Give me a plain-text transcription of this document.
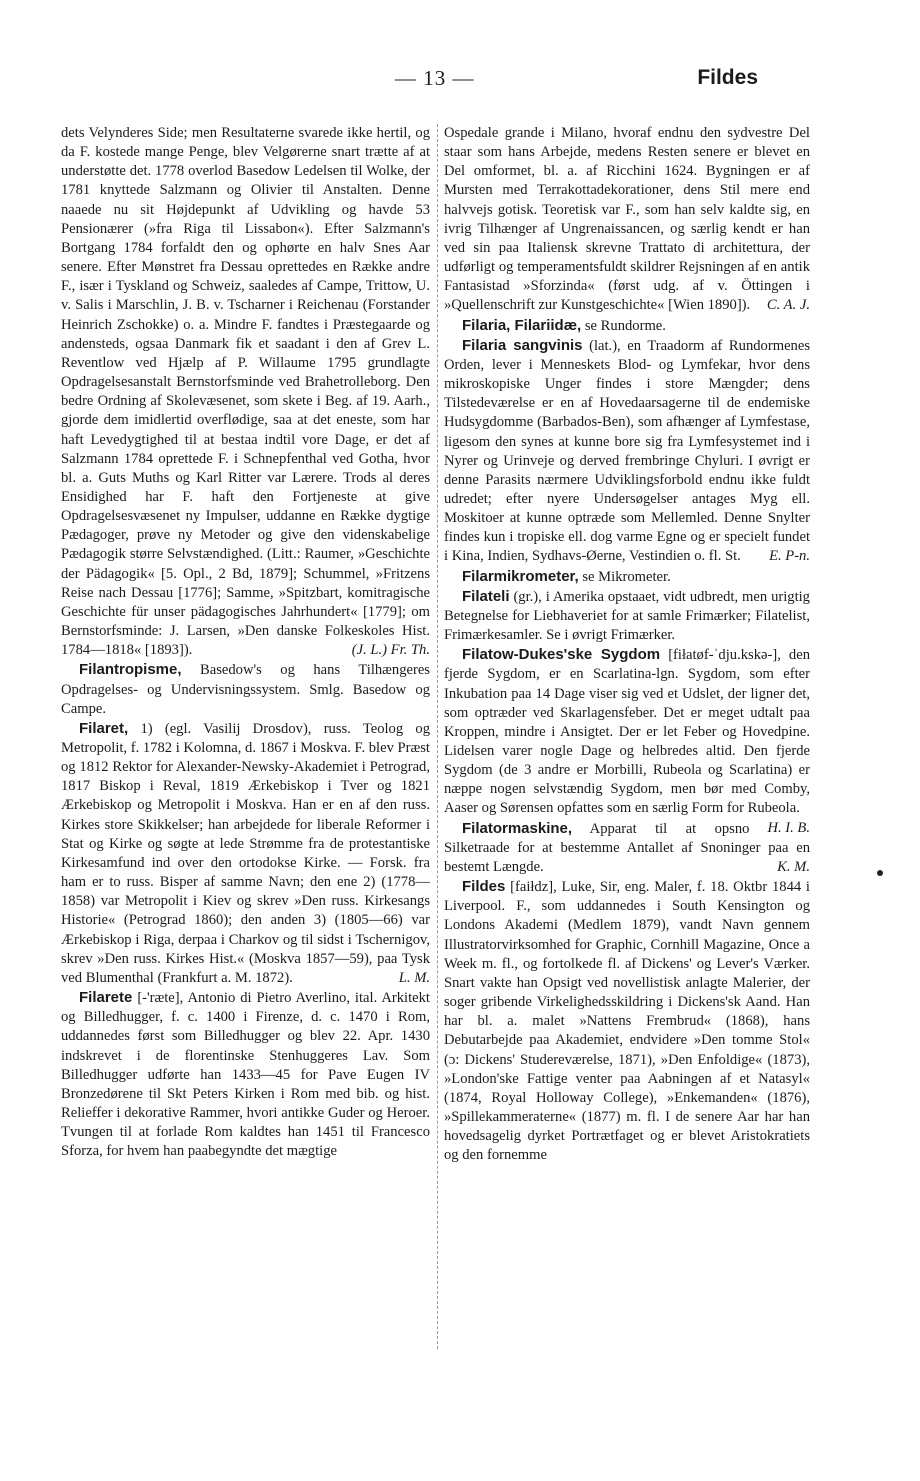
— 13 —	Fildes

dets Velynderes Side; men Resultaterne svarede ikke hertil, og da F. kostede mange Penge, blev Velgørerne snart trætte af at understøtte det. 1778 overlod Basedow Ledelsen til Wolke, der 1781 knyttede Salzmann og Olivier til Anstalten. Denne naaede nu sit Højdepunkt af Udvikling og havde 53 Pensionærer (»fra Riga til Lissabon«). Efter Salzmann's Bortgang 1784 forfaldt den og ophørte en halv Snes Aar senere. Efter Mønstret fra Dessau oprettedes en Række andre F., især i Tyskland og Schweiz, saaledes af Campe, Trittow, U. v. Salis i Marschlin, J. B. v. Tscharner i Reichenau (Forstander Heinrich Zschokke) o. a. Mindre F. fandtes i Præstegaarde og andensteds, ogsaa Danmark fik et saadant i den af Grev L. Reventlow ved Hjælp af P. Willaume 1795 grundlagte Opdragelsesanstalt Bernstorfsminde ved Brahetrolleborg. Den bedre Ordning af Skolevæsenet, som skete i Beg. af 19. Aarh., gjorde dem imidlertid overflødige, saa at det eneste, som har haft Levedygtighed til at bestaa indtil vore Dage, er det af Salzmann 1784 oprettede F. i Schnepfenthal ved Gotha, hvor bl. a. Guts Muths og Karl Ritter var Lærere. Trods al deres Ensidighed har F. haft den Fortjeneste at give Opdragelsesvæsenet ny Impulser, uddanne en Række dygtige Pædagoger, prøve ny Metoder og give den videnskabelige Pædagogik større Selvstændighed. (Litt.: Raumer, »Geschichte der Pädagogik« [5. Opl., 2 Bd, 1879]; Schummel, »Fritzens Reise nach Dessau [1776]; Samme, »Spitzbart, komitragische Geschichte für unser pädagogisches Jahrhundert« [1779]; om Bernstorfsminde: J. Larsen, »Den danske Folkeskoles Hist. 1784—1818« [1893]).	(J. L.) Fr. Th.

Filantropisme, Basedow's og hans Tilhængeres Opdragelses- og Undervisningssystem. Smlg. Basedow og Campe.

Filaret, 1) (egl. Vasilij Drosdov), russ. Teolog og Metropolit, f. 1782 i Kolomna, d. 1867 i Moskva. F. blev Præst og 1812 Rektor for Alexander-Newsky-Akademiet i Petrograd, 1817 Biskop i Reval, 1819 Ærkebiskop i Tver og 1821 Ærkebiskop og Metropolit i Moskva. Han er en af den russ. Kirkes store Skikkelser; han arbejdede for liberale Reformer i Stat og Kirke og søgte at lede Strømme fra de protestantiske Kirkesamfund ind over den ortodokse Kirke. — Forsk. fra ham er to russ. Bisper af samme Navn; den ene 2) (1778—1858) var Metropolit i Kiev og skrev »Den russ. Kirkesangs Historie« (Petrograd 1860); den anden 3) (1805—66) var Ærkebiskop i Riga, derpaa i Charkov og til sidst i Tschernigov, skrev »Den russ. Kirkes Hist.« (Moskva 1857—59), paa Tysk ved Blumenthal (Frankfurt a. M. 1872).	L. M.

Filarete [-'ræte], Antonio di Pietro Averlino, ital. Arkitekt og Billedhugger, f. c. 1400 i Firenze, d. c. 1470 i Rom, uddannedes først som Billedhugger og blev 22. Apr. 1430 indskrevet i de florentinske Stenhuggeres Lav. Som Billedhugger udførte han 1433—45 for Pave Eugen IV Bronzedørene til Skt Peters Kirken i Rom med bib. og hist. Relieffer i dekorative Rammer, hvori antikke Guder og Heroer. Tvungen til at forlade Rom kaldtes han 1451 til Francesco Sforza, for hvem han paabegyndte det mægtige

Ospedale grande i Milano, hvoraf endnu den sydvestre Del staar som hans Arbejde, medens Resten senere er blevet en Del omformet, bl. a. af Ricchini 1624. Bygningen er af Mursten med Terrakottadekorationer, dens Stil mere end halvvejs gotisk. Teoretisk var F., som han selv kaldte sig, en ivrig Tilhænger af Ungrenaissancen, og særlig kendt er han ved sin paa Italiensk skrevne Trattato di architettura, der udførligt og temperamentsfuldt skildrer Rejsningen af en antik Fantasistad »Sforzinda« (først udg. af v. Öttingen i »Quellenschrift zur Kunstgeschichte« [Wien 1890]). C. A. J.

Filaria, Filariidæ, se Rundorme.

Filaria sangvinis (lat.), en Traadorm af Rundormenes Orden, lever i Menneskets Blod- og Lymfekar, hvor dens mikroskopiske Unger findes i store Mængder; dens Tilstedeværelse er en af Hovedaarsagerne til de endemiske Hudsygdomme (Barbados-Ben), som afhænger af Lymfestase, ligesom den synes at kunne bore sig fra Lymfesystemet ind i Nyrer og Urinveje og derved frembringe Chyluri. I øvrigt er denne Parasits nærmere Udviklingsforbold endnu ikke fuldt udredet; efter nyere Undersøgelser antages Myg ell. Moskitoer at kunne optræde som Mellemled. Denne Snylter findes kun i tropiske ell. dog varme Egne og er specielt fundet i Kina, Indien, Sydhavs-Øerne, Vestindien o. fl. St.	E. P-n.

Filarmikrometer, se Mikrometer.

Filateli (gr.), i Amerika opstaaet, vidt udbredt, men urigtig Betegnelse for Liebhaveriet for at samle Frimærker; Filatelist, Frimærkesamler. Se i øvrigt Frimærker.

Filatow-Dukes'ske Sygdom [fiłatøf-ˈdju.kskə-], den fjerde Sygdom, er en Scarlatina-lgn. Sygdom, som efter Inkubation paa 14 Dage viser sig ved et Udslet, der ligner det, som optræder ved Skarlagensfeber. Det er meget udtalt paa Kroppen, mindre i Ansigtet. Der er let Feber og Hovedpine. Lidelsen varer nogle Dage og helbredes altid. Den fjerde Sygdom (de 3 andre er Morbilli, Rubeola og Scarlatina) er næppe nogen selvstændig Sygdom, men bør med Comby, Aaser og Sørensen opfattes som en særlig Form for Rubeola.
H. I. B.

Filatormaskine, Apparat til at opsno Silketraade for at bestemme Antallet af Snoninger paa en bestemt Længde.	K. M.

Fildes [faiłdz], Luke, Sir, eng. Maler, f. 18. Oktbr 1844 i Liverpool. F., som uddannedes i South Kensington og Londons Akademi (Medlem 1879), vandt Navn gennem Illustratorvirksomhed for Graphic, Cornhill Magazine, Once a Week m. fl., og fortolkede fl. af Dickens' og Lever's Værker. Snart vakte han Opsigt ved novellistisk anlagte Malerier, der soger gribende Virkelighedsskildring i Dickens'sk Aand. Han har bl. a. malet »Nattens Frembrud« (1868), hans Debutarbejde paa Akademiet, endvidere »Den tomme Stol« (ɔ: Dickens' Studereværelse, 1871), »Den Enfoldige« (1873), »London'ske Fattige venter paa Aabningen af et Natasyl« (1874, Royal Holloway College), »Enkemanden« (1876), »Spillekammeraterne« (1877) m. fl. I de senere Aar har han hovedsagelig dyrket Portrætfaget og er blevet Aristokratiets og den fornemme
